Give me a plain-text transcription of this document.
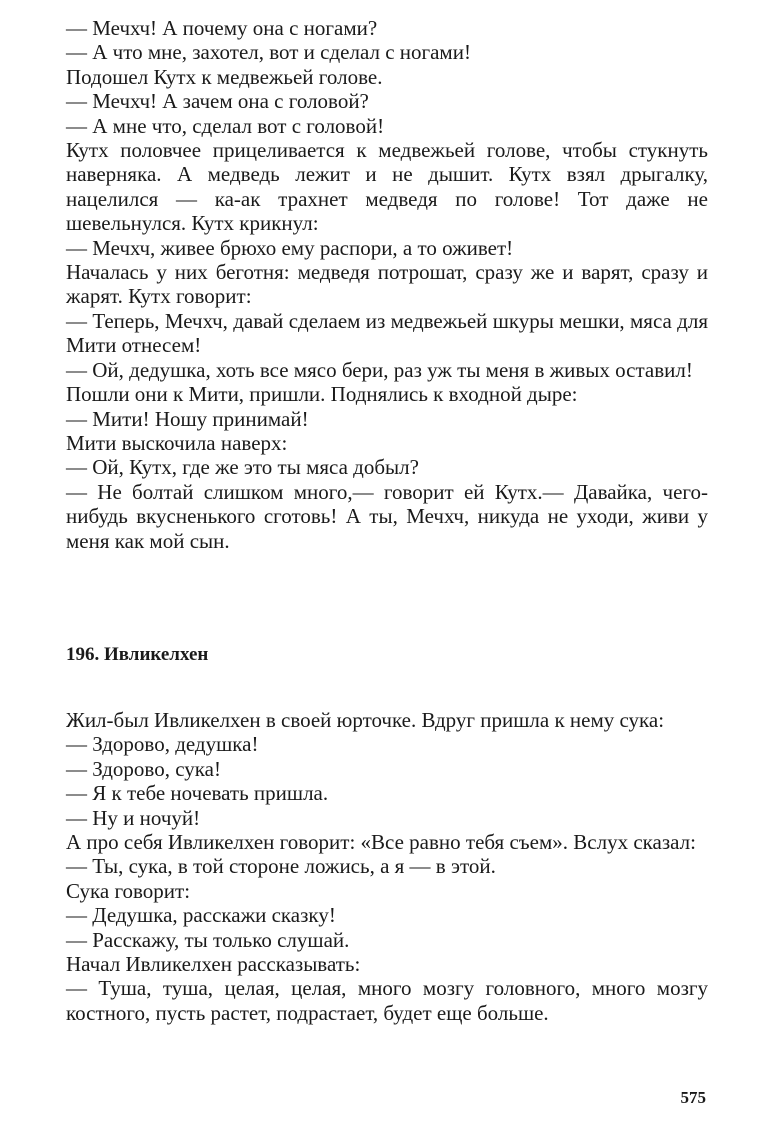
— Мечхч! А почему она с ногами?

— А что мне, захотел, вот и сделал с ногами!

Подошел Кутх к медвежьей голове.

— Мечхч! А зачем она с головой?

— А мне что, сделал вот с головой!

Кутх половчее прицеливается к медвежьей голове, чтобы стукнуть наверняка. А медведь лежит и не дышит. Кутх взял дрыгалку, нацелился — ка-ак трахнет медведя по голове! Тот даже не шевельнулся. Кутх крикнул:

— Мечхч, живее брюхо ему распори, а то оживет!

Началась у них беготня: медведя потрошат, сразу же и варят, сразу и жарят. Кутх говорит:

— Теперь, Мечхч, давай сделаем из медвежьей шкуры мешки, мяса для Мити отнесем!

— Ой, дедушка, хоть все мясо бери, раз уж ты меня в живых оставил!

Пошли они к Мити, пришли. Поднялись к входной дыре:

— Мити! Ношу принимай!

Мити выскочила наверх:

— Ой, Кутх, где же это ты мяса добыл?

— Не болтай слишком много,— говорит ей Кутх.— Давайка, чего-нибудь вкусненького сготовь! А ты, Мечхч, никуда не уходи, живи у меня как мой сын.

196. Ивликелхен

Жил-был Ивликелхен в своей юрточке. Вдруг пришла к нему сука:

— Здорово, дедушка!

— Здорово, сука!

— Я к тебе ночевать пришла.

— Ну и ночуй!

А про себя Ивликелхен говорит: «Все равно тебя съем». Вслух сказал:

— Ты, сука, в той стороне ложись, а я — в этой.

Сука говорит:

— Дедушка, расскажи сказку!

— Расскажу, ты только слушай.

Начал Ивликелхен рассказывать:

— Туша, туша, целая, целая, много мозгу головного, много мозгу костного, пусть растет, подрастает, будет еще больше.

575
